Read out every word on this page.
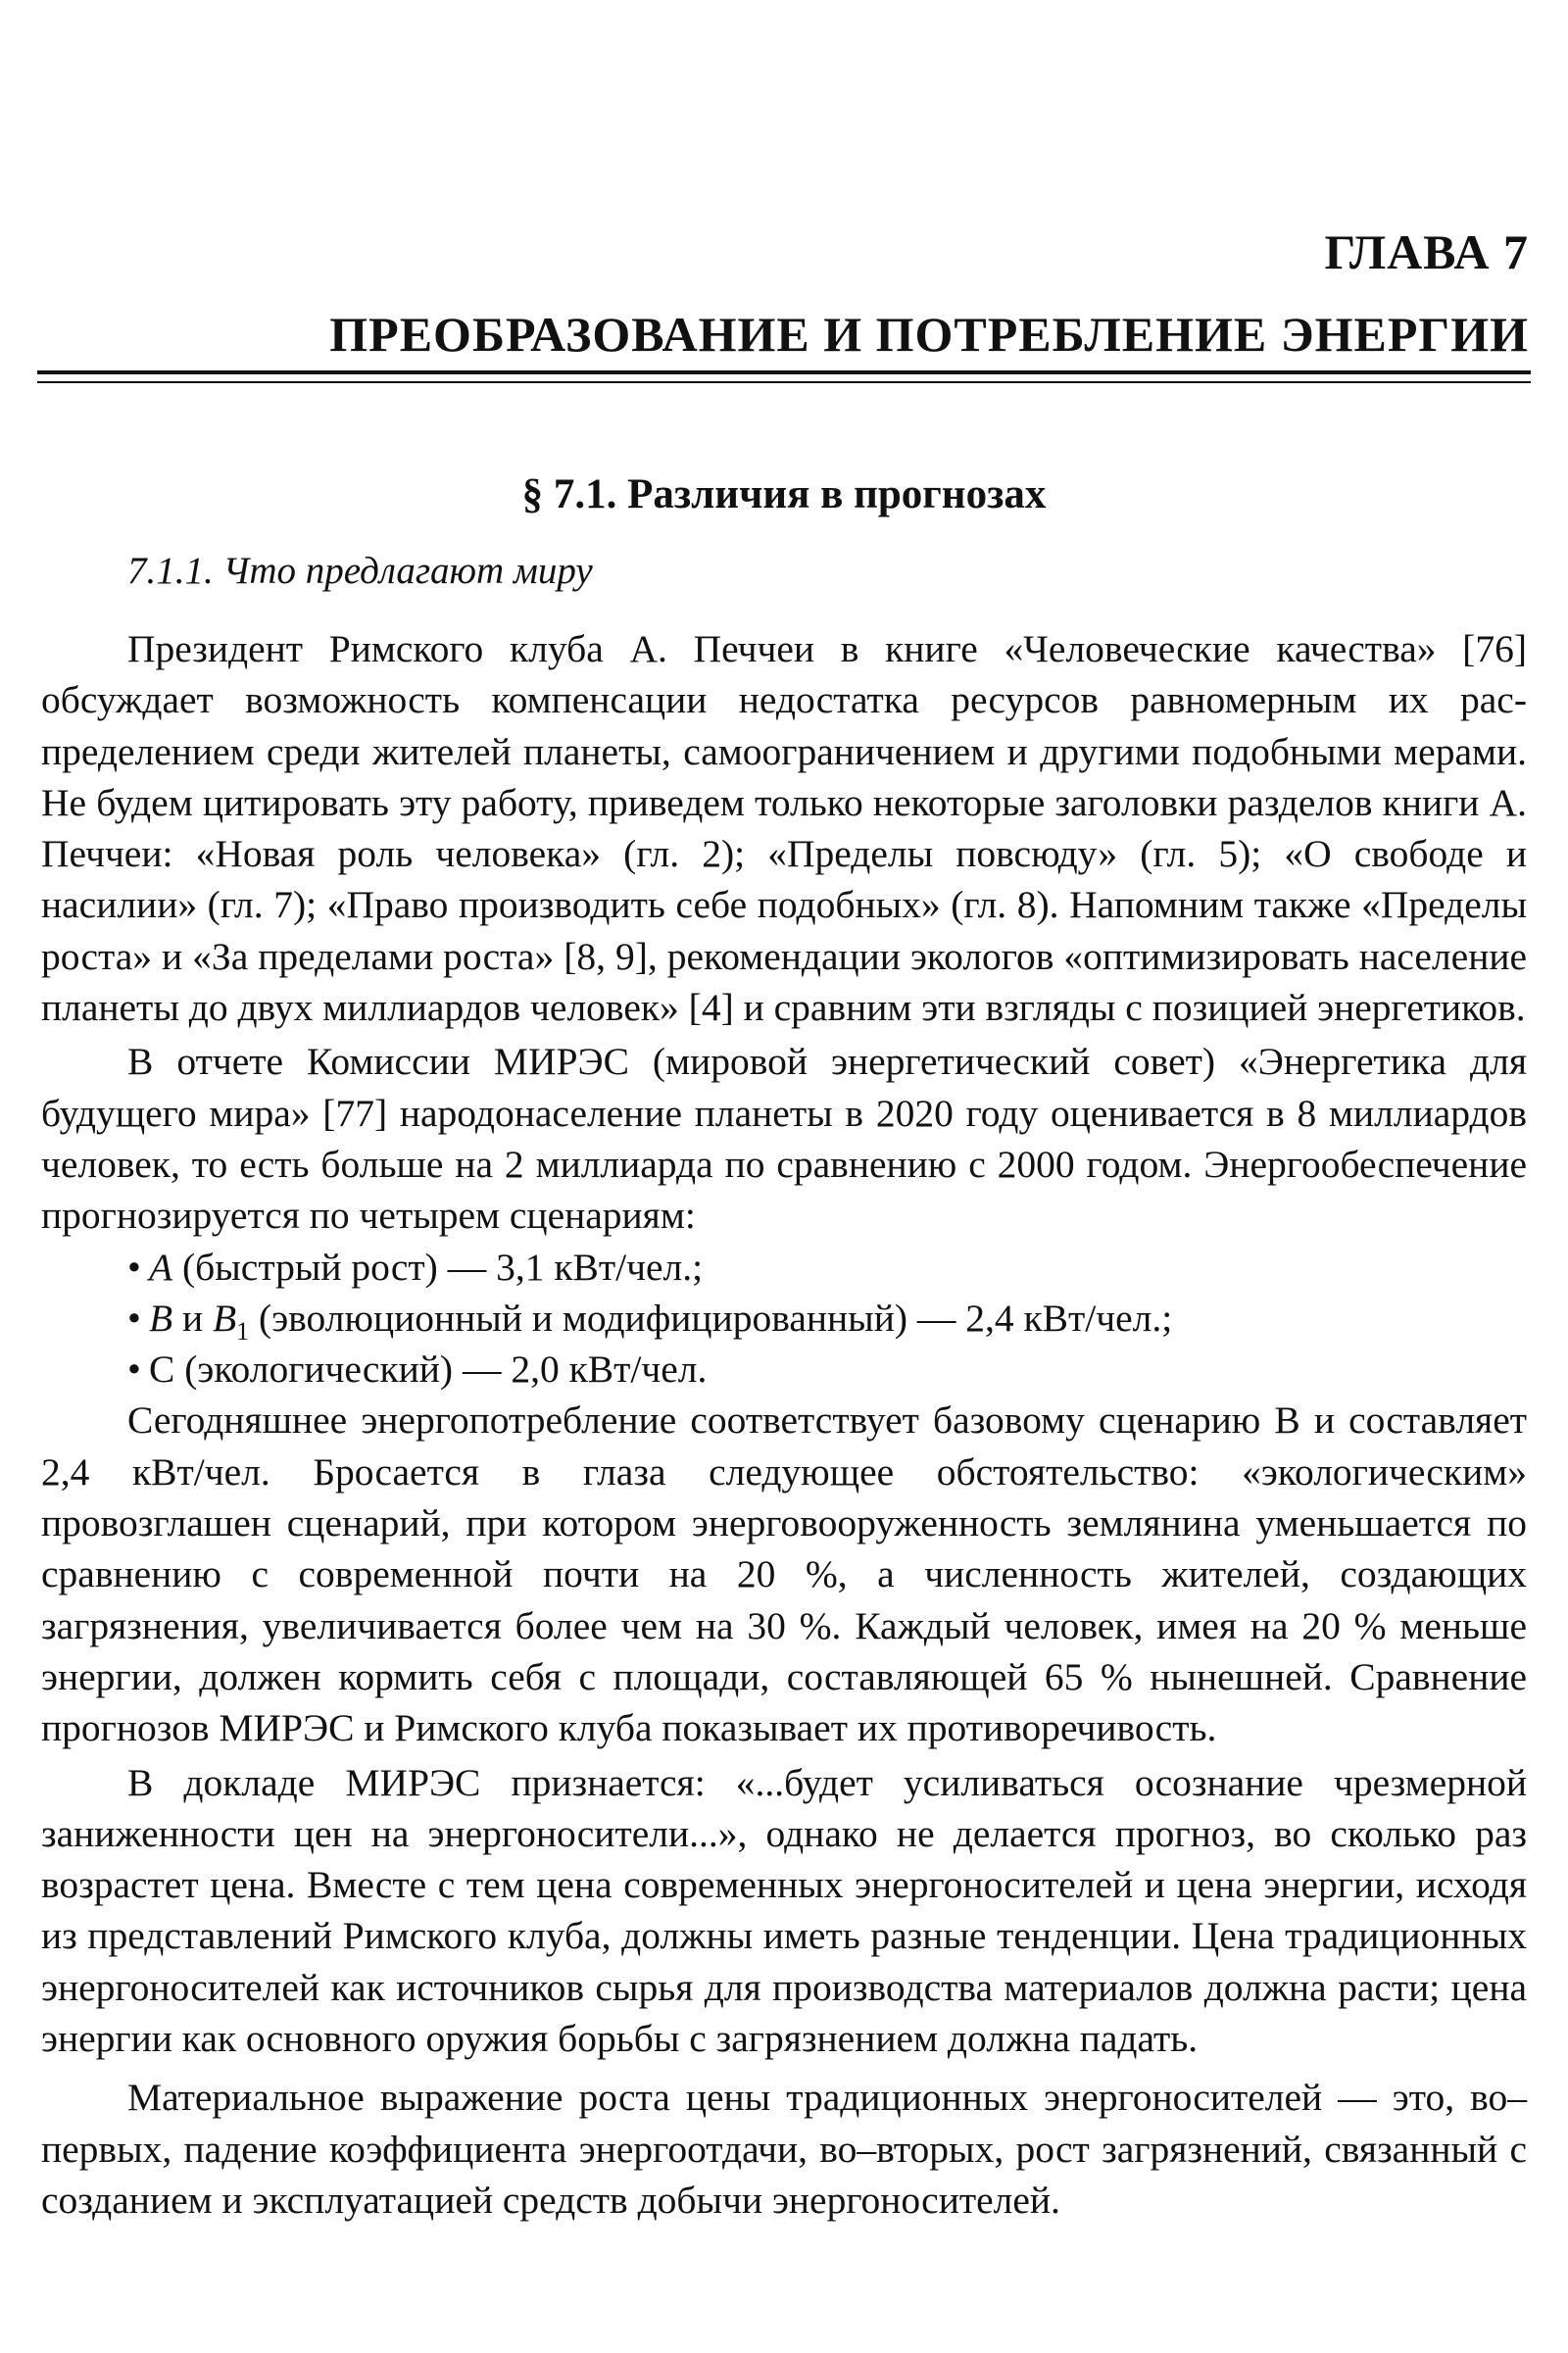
ГЛАВА 7
ПРЕОБРАЗОВАНИЕ И ПОТРЕБЛЕНИЕ ЭНЕРГИИ
§ 7.1. Различия в прогнозах
7.1.1. Что предлагают миру

Президент Римского клуба А. Печчеи в книге «Человеческие качества» [76] обсуждает возможность компенсации недостатка ресурсов равномерным их распределением среди жителей планеты, самоограничением и другими подобными мерами. Не будем цитировать эту работу, приведем только некоторые заголовки разделов книги А. Печчеи: «Новая роль человека» (гл. 2); «Пределы повсюду» (гл. 5); «О свободе и насилии» (гл. 7); «Право производить себе подобных» (гл. 8). Напомним также «Пределы роста» и «За пределами роста» [8, 9], рекомендации экологов «оптимизировать население планеты до двух миллиардов человек» [4] и сравним эти взгляды с позицией энергетиков.

В отчете Комиссии МИРЭС (мировой энергетический совет) «Энергетика для будущего мира» [77] народонаселение планеты в 2020 году оценивается в 8 миллиардов человек, то есть больше на 2 миллиарда по сравнению с 2000 годом. Энергообеспечение прогнозируется по четырем сценариям:

• A (быстрый рост) — 3,1 кВт/чел.;
• B и $B_1$ (эволюционный и модифицированный) — 2,4 кВт/чел.;
• С (экологический) — 2,0 кВт/чел.

Сегодняшнее энергопотребление соответствует базовому сценарию B и составляет 2,4 кВт/чел. Бросается в глаза следующее обстоятельство: «экологическим» провозглашен сценарий, при котором энерговооруженность землянина уменьшается по сравнению с современной почти на 20 %, а численность жителей, создающих загрязнения, увеличивается более чем на 30 %. Каждый человек, имея на 20 % меньше энергии, должен кормить себя с площади, составляющей 65 % нынешней. Сравнение прогнозов МИРЭС и Римского клуба показывает их противоречивость.

В докладе МИРЭС признается: «...будет усиливаться осознание чрезмерной заниженности цен на энергоносители...», однако не делается прогноз, во сколько раз возрастет цена. Вместе с тем цена современных энергоносителей и цена энергии, исходя из представлений Римского клуба, должны иметь разные тенденции. Цена традиционных энергоносителей как источников сырья для производства материалов должна расти; цена энергии как основного оружия борьбы с загрязнением должна падать.

Материальное выражение роста цены традиционных энергоносителей — это, во–первых, падение коэффициента энергоотдачи, во–вторых, рост загрязнений, связанный с созданием и эксплуатацией средств добычи энергоносителей.
